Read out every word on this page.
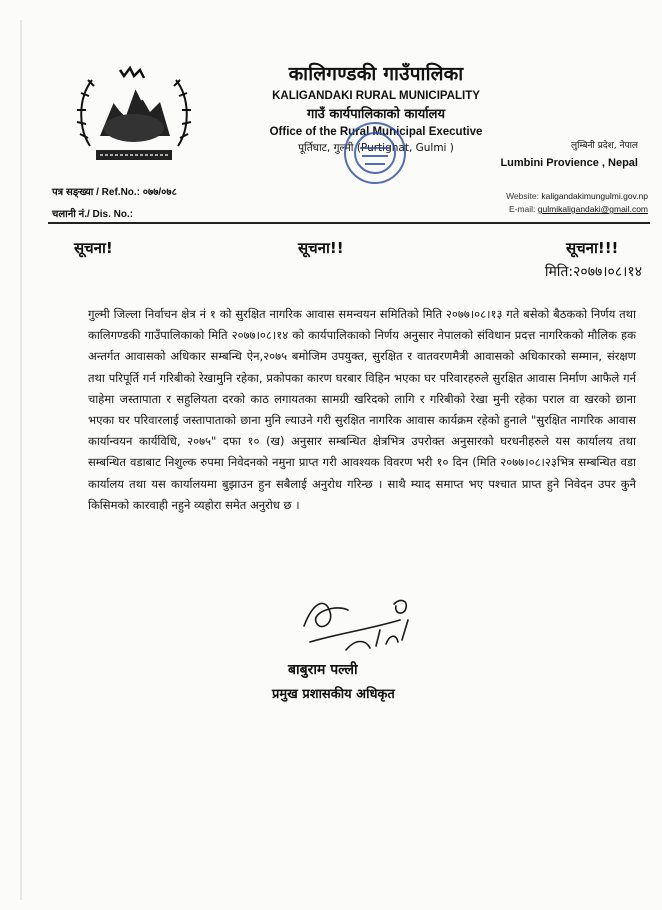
कालिगण्डकी गाउँपालिका
KALIGANDAKI RURAL MUNICIPALITY
गाउँ कार्यपालिकाको कार्यालय
Office of the Rural Municipal Executive
पूर्तिघाट, गुल्मी (Purtighat, Gulmi )	लुम्बिनी प्रदेश, नेपाल
Lumbini Provience , Nepal
पत्र सङ्ख्या / Ref.No.: ०७७/०७८
चलानी नं./ Dis. No.:
Website: kaligandakimungulmi.gov.np
E-mail: gulmikaligandaki@gmail.com
सूचना!	सूचना!!	सूचना!!!
मिति:२०७७।०८।१४
गुल्मी जिल्ला निर्वाचन क्षेत्र नं १ को सुरक्षित नागरिक आवास समन्वयन समितिको मिति २०७७।०८।१३ गते बसेको बैठकको निर्णय तथा कालिगण्डकी गाउँपालिकाको मिति २०७७।०८।१४ को कार्यपालिकाको निर्णय अनुसार नेपालको संविधान प्रदत्त नागरिकको मौलिक हक अन्तर्गत आवासको अधिकार सम्बन्धि ऐन,२०७५ बमोजिम उपयुक्त, सुरक्षित र वातवरणमैत्री आवासको अधिकारको सम्मान, संरक्षण तथा परिपूर्ति गर्न गरिबीको रेखामुनि रहेका, प्रकोपका कारण घरबार विहिन भएका घर परिवारहरुले सुरक्षित आवास निर्माण आफैले गर्न चाहेमा जस्तापाता र सहुलियता दरको काठ लगायतका सामग्री खरिदको लागि र गरिबीको रेखा मुनी रहेका पराल वा खरको छाना भएका घर परिवारलाई जस्तापाताको छाना मुनि ल्याउने गरी सुरक्षित नागरिक आवास कार्यक्रम रहेको हुनाले "सुरक्षित नागरिक आवास कार्यान्वयन कार्यविधि, २०७५" दफा १० (ख) अनुसार सम्बन्धित क्षेत्रभित्र उपरोक्त अनुसारको घरधनीहरुले यस कार्यालय तथा सम्बन्धित वडाबाट निशुल्क रुपमा निवेदनको नमुना प्राप्त गरी आवश्यक विवरण भरी १० दिन (मिति २०७७।०८।२३भित्र सम्बन्धित वडा कार्यालय तथा यस कार्यालयमा बुझाउन हुन सबैलाई अनुरोध गरिन्छ । साथै म्याद समाप्त भए पश्चात प्राप्त हुने निवेदन उपर कुनै किसिमको कारवाही नहुने व्यहोरा समेत अनुरोध छ ।
बाबुराम पल्ली
प्रमुख प्रशासकीय अधिकृत
